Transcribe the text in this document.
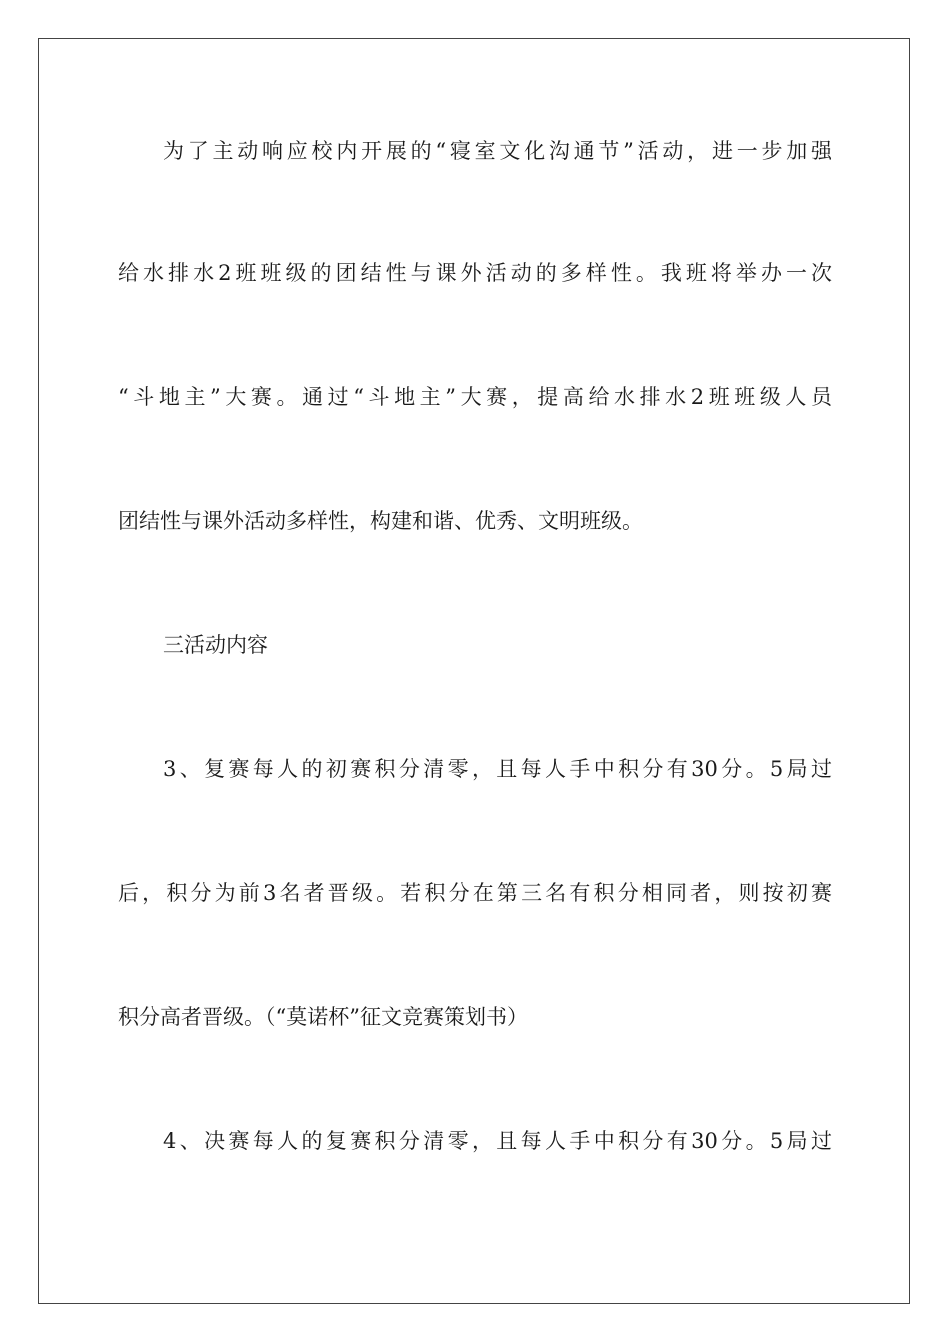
为了主动响应校内开展的“寝室文化沟通节”活动，进一步加强
给水排水2班班级的团结性与课外活动的多样性。我班将举办一次
“斗地主”大赛。通过“斗地主”大赛，提高给水排水2班班级人员
团结性与课外活动多样性，构建和谐、优秀、文明班级。
三活动内容
3、复赛每人的初赛积分清零，且每人手中积分有30分。5局过
后，积分为前3名者晋级。若积分在第三名有积分相同者，则按初赛
积分高者晋级。（“莫诺杯”征文竞赛策划书）
4、决赛每人的复赛积分清零，且每人手中积分有30分。5局过
